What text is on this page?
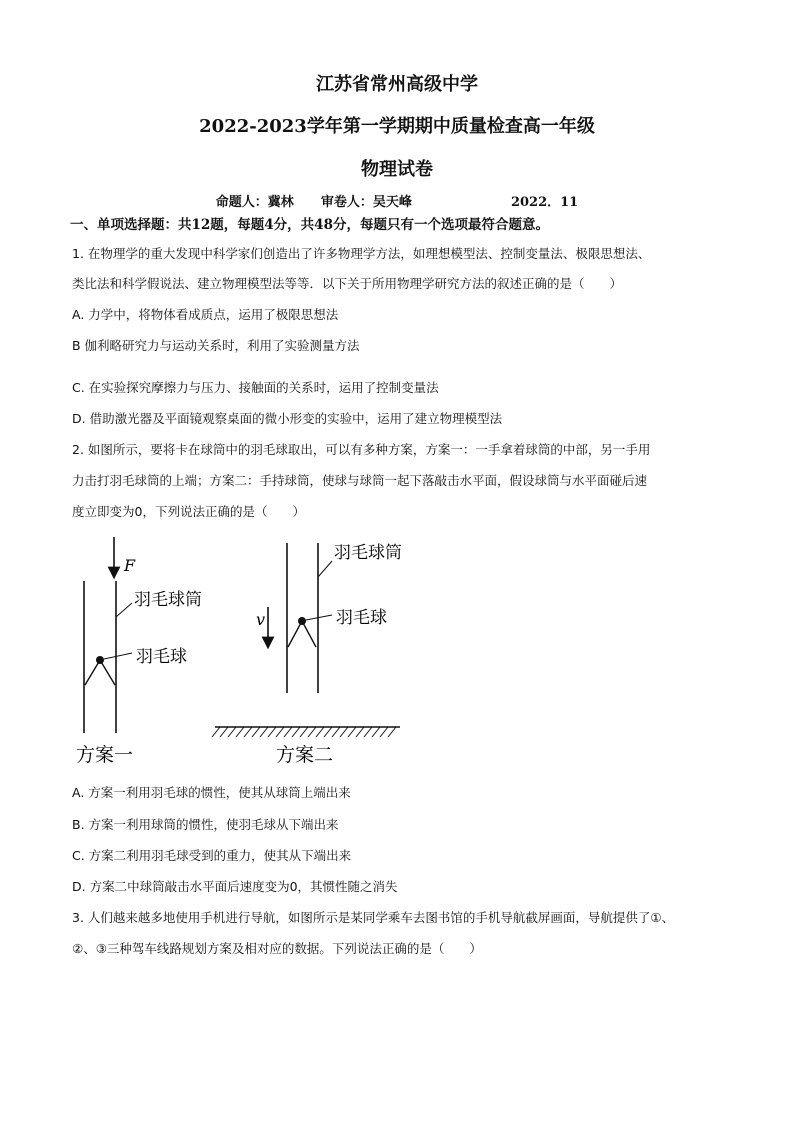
江苏省常州高级中学
2022-2023学年第一学期期中质量检查高一年级
物理试卷
命题人：冀林 审卷人：吴天峰	2022．11
一、单项选择题：共12题，每题4分，共48分，每题只有一个选项最符合题意。
1. 在物理学的重大发现中科学家们创造出了许多物理学方法，如理想模型法、控制变量法、极限思想法、
类比法和科学假说法、建立物理模型法等等．以下关于所用物理学研究方法的叙述正确的是（　　）
A. 力学中，将物体看成质点，运用了极限思想法
B 伽利略研究力与运动关系时，利用了实验测量方法
C. 在实验探究摩擦力与压力、接触面的关系时，运用了控制变量法
D. 借助激光器及平面镜观察桌面的微小形变的实验中，运用了建立物理模型法
2. 如图所示，要将卡在球筒中的羽毛球取出，可以有多种方案，方案一：一手拿着球筒的中部，另一手用
力击打羽毛球筒的上端；方案二：手持球筒，使球与球筒一起下落敲击水平面，假设球筒与水平面碰后速
度立即变为0，下列说法正确的是（　　）
F
羽毛球筒
羽毛球
方案一
羽毛球筒
v	羽毛球
方案二
A. 方案一利用羽毛球的惯性，使其从球筒上端出来
B. 方案一利用球筒的惯性，使羽毛球从下端出来
C. 方案二利用羽毛球受到的重力，使其从下端出来
D. 方案二中球筒敲击水平面后速度变为0，其惯性随之消失
3. 人们越来越多地使用手机进行导航，如图所示是某同学乘车去图书馆的手机导航截屏画面，导航提供了①、
②、③三种驾车线路规划方案及相对应的数据。下列说法正确的是（　　）
